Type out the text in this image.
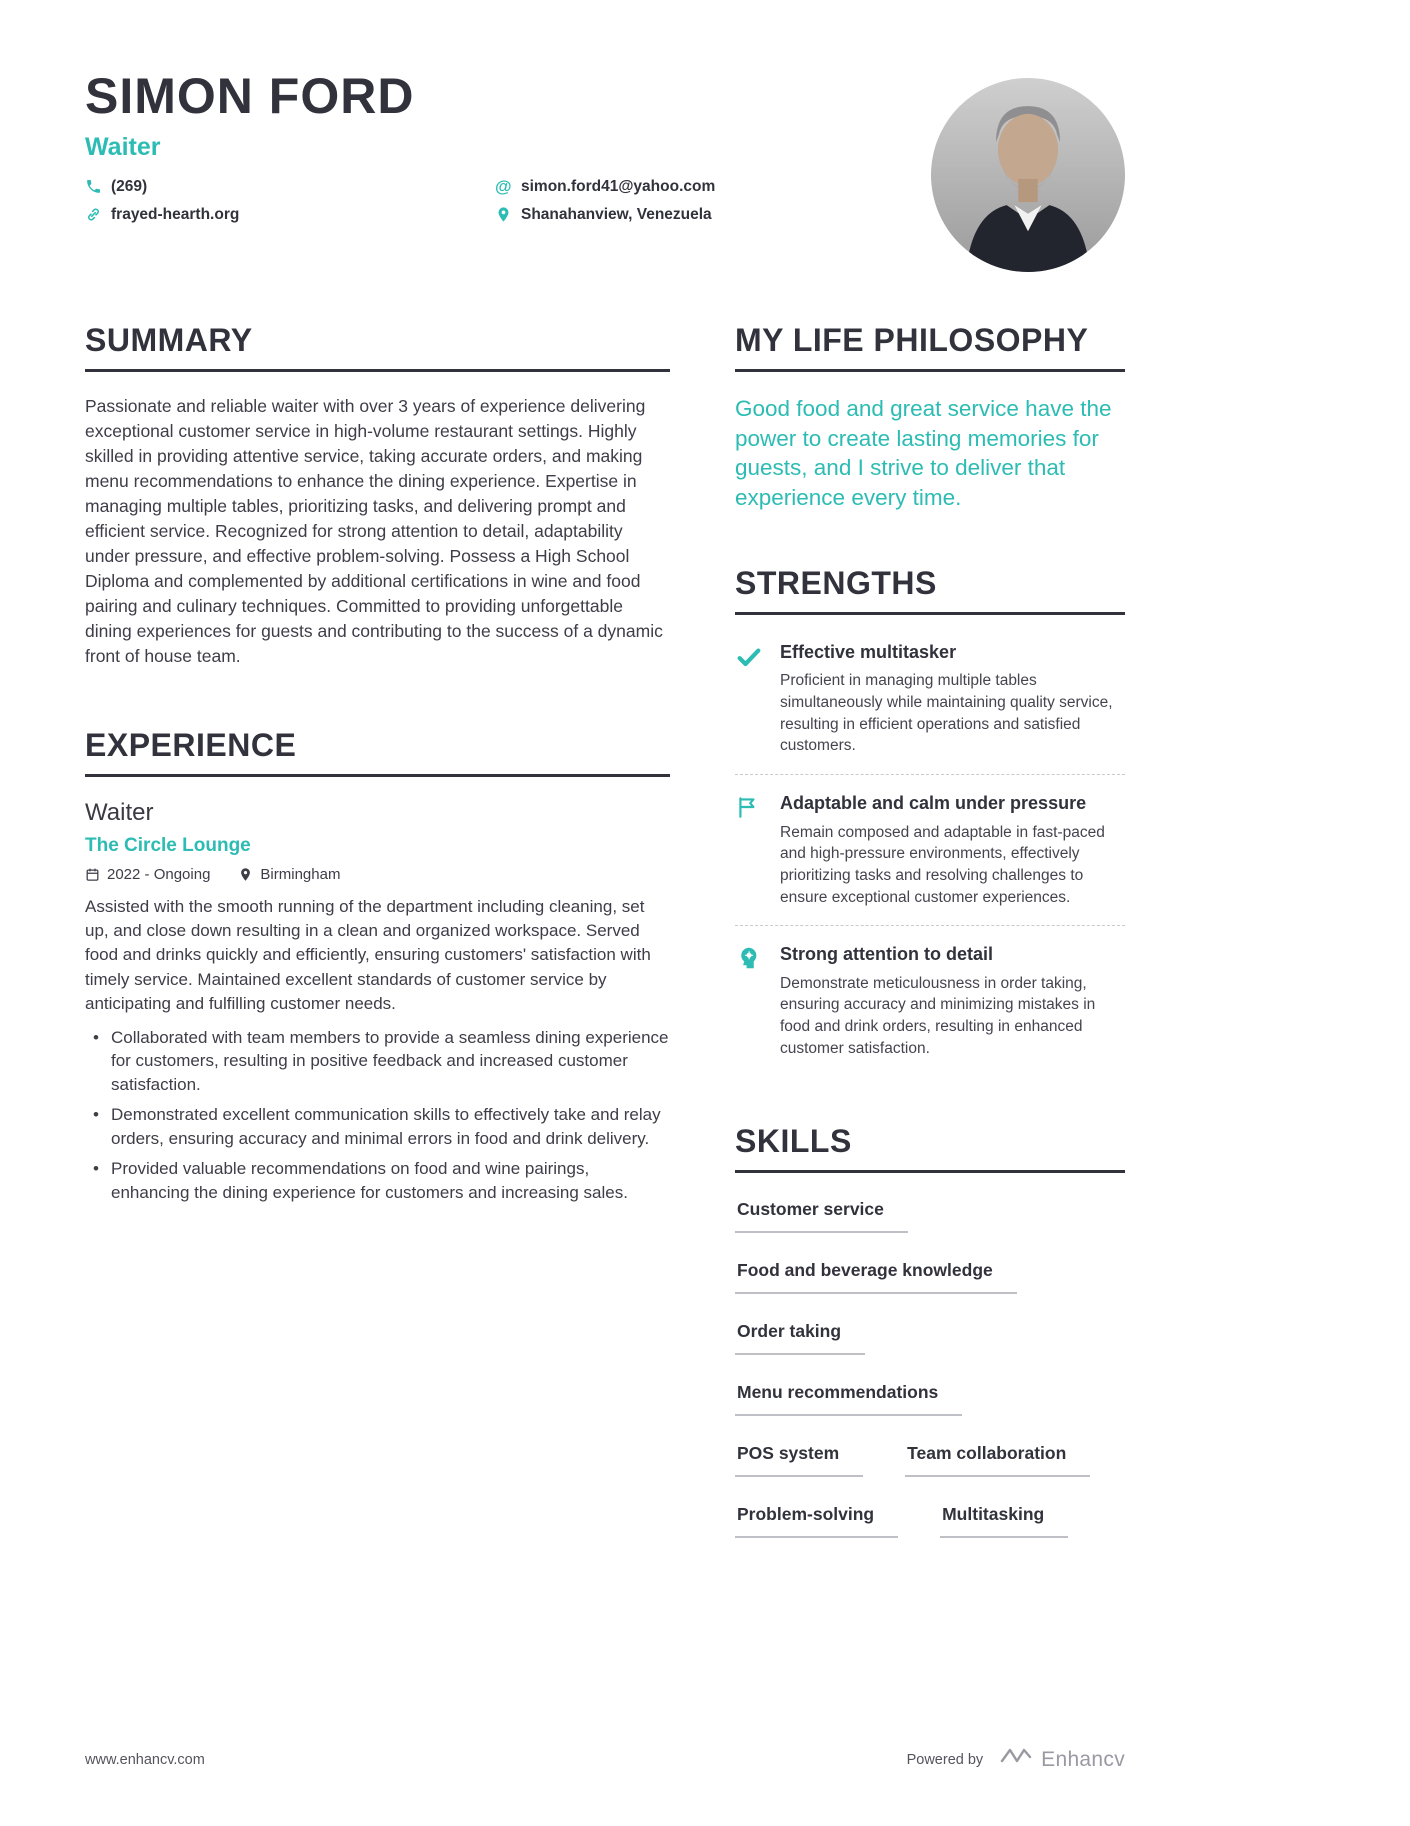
SIMON FORD
Waiter
(269)	@ simon.ford41@yahoo.com
frayed-hearth.org	Shanahanview, Venezuela
SUMMARY

Passionate and reliable waiter with over 3 years of experience delivering exceptional customer service in high-volume restaurant settings. Highly skilled in providing attentive service, taking accurate orders, and making menu recommendations to enhance the dining experience. Expertise in managing multiple tables, prioritizing tasks, and delivering prompt and efficient service. Recognized for strong attention to detail, adaptability under pressure, and effective problem-solving. Possess a High School Diploma and complemented by additional certifications in wine and food pairing and culinary techniques. Committed to providing unforgettable dining experiences for guests and contributing to the success of a dynamic front of house team.

EXPERIENCE
Waiter
The Circle Lounge
2022 - Ongoing	Birmingham

Assisted with the smooth running of the department including cleaning, set up, and close down resulting in a clean and organized workspace. Served food and drinks quickly and efficiently, ensuring customers' satisfaction with timely service. Maintained excellent standards of customer service by anticipating and fulfilling customer needs.

• Collaborated with team members to provide a seamless dining experience for customers, resulting in positive feedback and increased customer satisfaction.
• Demonstrated excellent communication skills to effectively take and relay orders, ensuring accuracy and minimal errors in food and drink delivery.
• Provided valuable recommendations on food and wine pairings, enhancing the dining experience for customers and increasing sales.
MY LIFE PHILOSOPHY

Good food and great service have the power to create lasting memories for guests, and I strive to deliver that experience every time.

STRENGTHS
Effective multitasker
Proficient in managing multiple tables simultaneously while maintaining quality service, resulting in efficient operations and satisfied customers.
Adaptable and calm under pressure
Remain composed and adaptable in fast-paced and high-pressure environments, effectively prioritizing tasks and resolving challenges to ensure exceptional customer experiences.
Strong attention to detail
Demonstrate meticulousness in order taking, ensuring accuracy and minimizing mistakes in food and drink orders, resulting in enhanced customer satisfaction.
SKILLS
Customer service
Food and beverage knowledge
Order taking
Menu recommendations
POS system	Team collaboration
Problem-solving	Multitasking
www.enhancv.com	Powered by	Enhancv
